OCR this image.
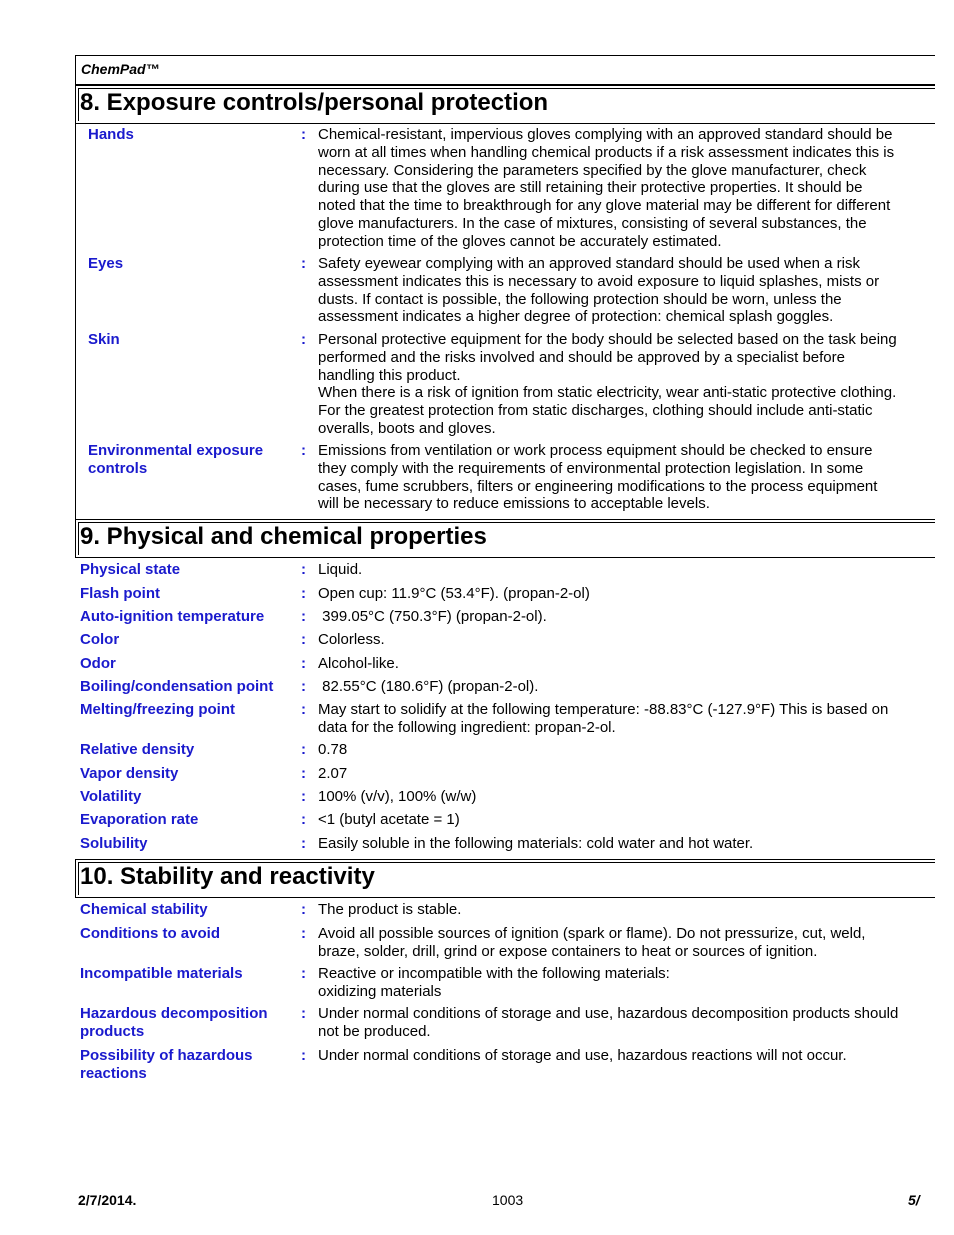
ChemPad™
8. Exposure controls/personal protection
Hands	: Chemical-resistant, impervious gloves complying with an approved standard should be
worn at all times when handling chemical products if a risk assessment indicates this is
necessary. Considering the parameters specified by the glove manufacturer, check
during use that the gloves are still retaining their protective properties. It should be
noted that the time to breakthrough for any glove material may be different for different
glove manufacturers. In the case of mixtures, consisting of several substances, the
protection time of the gloves cannot be accurately estimated.
Eyes	: Safety eyewear complying with an approved standard should be used when a risk
assessment indicates this is necessary to avoid exposure to liquid splashes, mists or
dusts. If contact is possible, the following protection should be worn, unless the
assessment indicates a higher degree of protection: chemical splash goggles.
Skin	: Personal protective equipment for the body should be selected based on the task being
performed and the risks involved and should be approved by a specialist before
handling this product.
When there is a risk of ignition from static electricity, wear anti-static protective clothing.
For the greatest protection from static discharges, clothing should include anti-static
overalls, boots and gloves.
Environmental exposure
controls
: Emissions from ventilation or work process equipment should be checked to ensure
they comply with the requirements of environmental protection legislation. In some
cases, fume scrubbers, filters or engineering modifications to the process equipment
will be necessary to reduce emissions to acceptable levels.
9. Physical and chemical properties
Physical state	: Liquid.
Flash point	: Open cup: 11.9°C (53.4°F). (propan-2-ol)
Auto-ignition temperature : 399.05°C (750.3°F) (propan-2-ol).
Color	: Colorless.
Odor	: Alcohol-like.
Boiling/condensation point : 82.55°C (180.6°F) (propan-2-ol).
Melting/freezing point	: May start to solidify at the following temperature: -88.83°C (-127.9°F) This is based on
data for the following ingredient: propan-2-ol.
Relative density	: 0.78
Vapor density	: 2.07
Volatility	: 100% (v/v), 100% (w/w)
Evaporation rate	: <1 (butyl acetate = 1)
Solubility	: Easily soluble in the following materials: cold water and hot water.
10. Stability and reactivity
Chemical stability	: The product is stable.
Conditions to avoid	: Avoid all possible sources of ignition (spark or flame). Do not pressurize, cut, weld,
braze, solder, drill, grind or expose containers to heat or sources of ignition.
Incompatible materials	: Reactive or incompatible with the following materials:
oxidizing materials
Hazardous decomposition
products
: Under normal conditions of storage and use, hazardous decomposition products should
not be produced.
Possibility of hazardous
reactions
: Under normal conditions of storage and use, hazardous reactions will not occur.
2/7/2014.	1003	5/
